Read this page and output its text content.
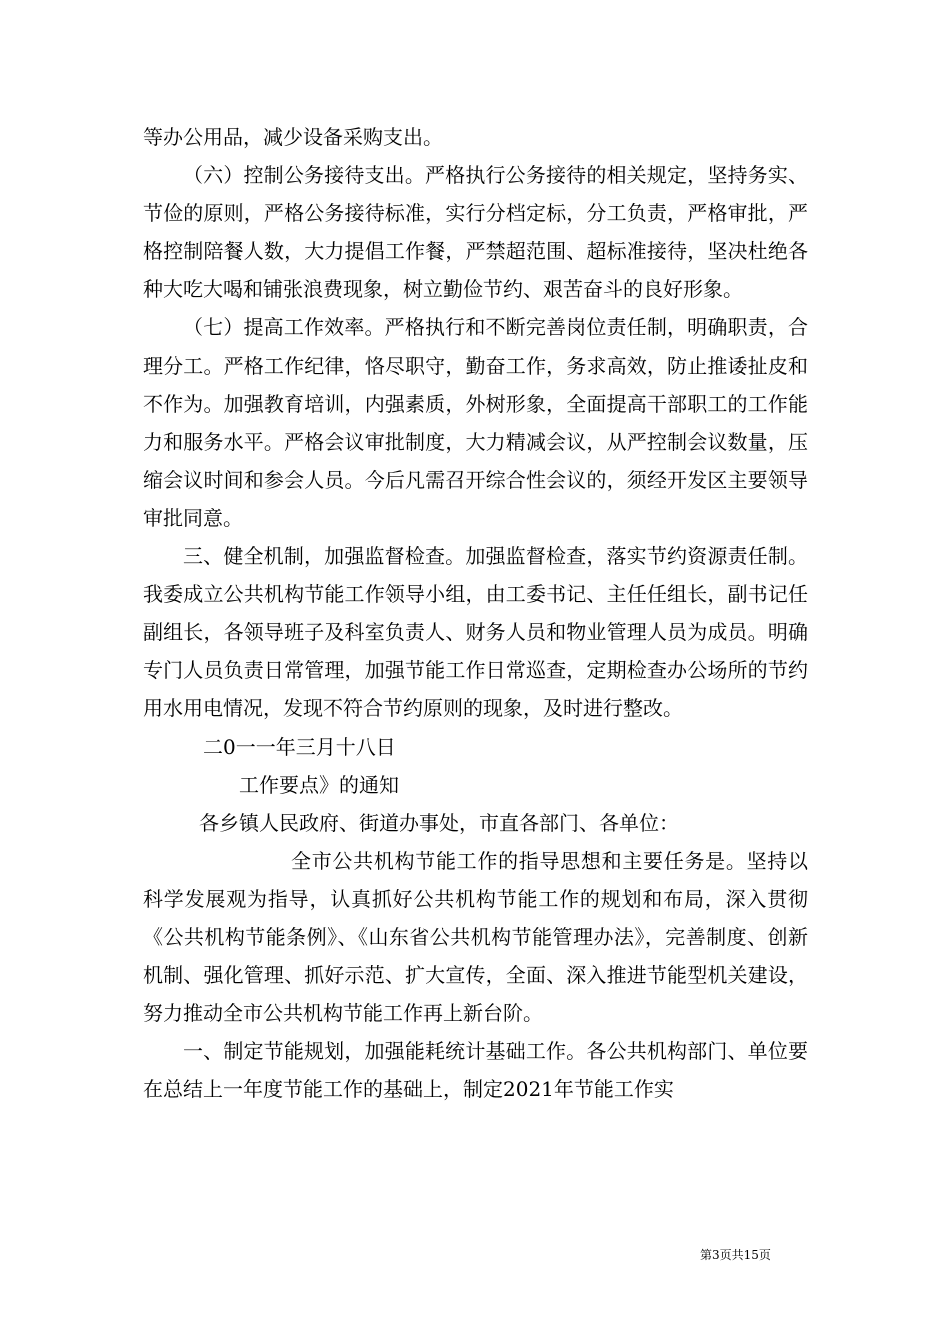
等办公用品，减少设备采购支出。

（六）控制公务接待支出。严格执行公务接待的相关规定，坚持务实、节俭的原则，严格公务接待标准，实行分档定标，分工负责，严格审批，严格控制陪餐人数，大力提倡工作餐，严禁超范围、超标准接待，坚决杜绝各种大吃大喝和铺张浪费现象，树立勤俭节约、艰苦奋斗的良好形象。

（七）提高工作效率。严格执行和不断完善岗位责任制，明确职责，合理分工。严格工作纪律，恪尽职守，勤奋工作，务求高效，防止推诿扯皮和不作为。加强教育培训，内强素质，外树形象，全面提高干部职工的工作能力和服务水平。严格会议审批制度，大力精减会议，从严控制会议数量，压缩会议时间和参会人员。今后凡需召开综合性会议的，须经开发区主要领导审批同意。

三、健全机制，加强监督检查。加强监督检查，落实节约资源责任制。我委成立公共机构节能工作领导小组，由工委书记、主任任组长，副书记任副组长，各领导班子及科室负责人、财务人员和物业管理人员为成员。明确专门人员负责日常管理，加强节能工作日常巡查，定期检查办公场所的节约用水用电情况，发现不符合节约原则的现象，及时进行整改。

二0一一年三月十八日

工作要点》的通知

各乡镇人民政府、街道办事处，市直各部门、各单位：

全市公共机构节能工作的指导思想和主要任务是。坚持以科学发展观为指导，认真抓好公共机构节能工作的规划和布局，深入贯彻《公共机构节能条例》、《山东省公共机构节能管理办法》，完善制度、创新机制、强化管理、抓好示范、扩大宣传，全面、深入推进节能型机关建设，努力推动全市公共机构节能工作再上新台阶。

一、制定节能规划，加强能耗统计基础工作。各公共机构部门、单位要在总结上一年度节能工作的基础上，制定2021年节能工作实

第3页共15页
